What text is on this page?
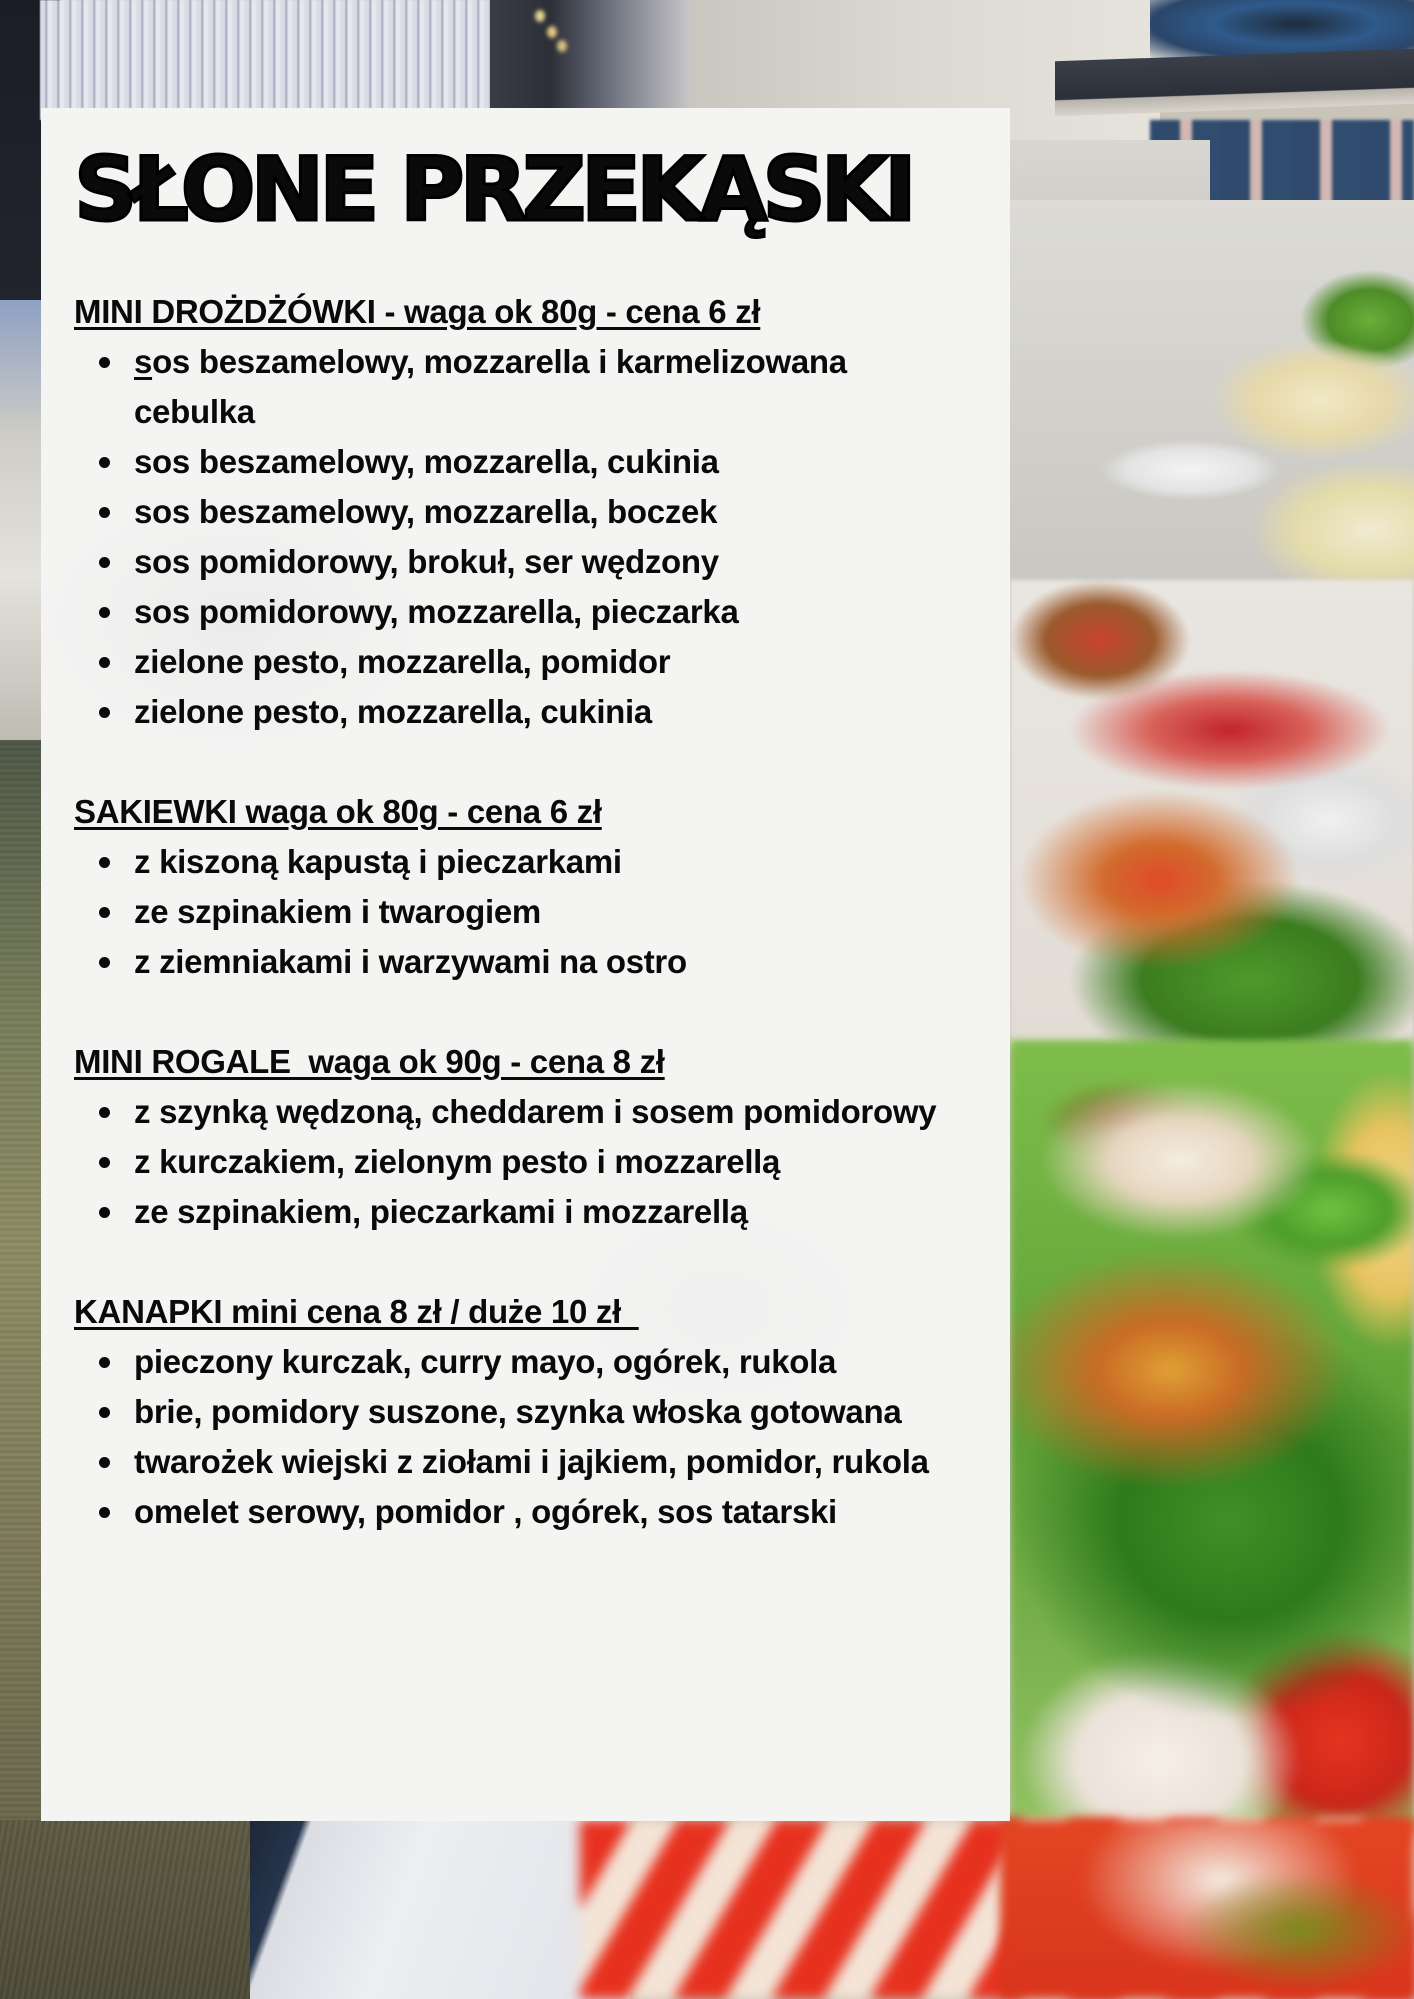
SŁONE PRZEKĄSKI
MINI DROŻDŻÓWKI - waga ok 80g - cena 6 zł
sos beszamelowy, mozzarella i karmelizowana cebulka
sos beszamelowy, mozzarella, cukinia
sos beszamelowy, mozzarella, boczek
sos pomidorowy, brokuł, ser wędzony
sos pomidorowy, mozzarella, pieczarka
zielone pesto, mozzarella, pomidor
zielone pesto, mozzarella, cukinia
SAKIEWKI waga ok 80g - cena 6 zł
z kiszoną kapustą i pieczarkami
ze szpinakiem i twarogiem
z ziemniakami i warzywami na ostro
MINI ROGALE  waga ok 90g - cena 8 zł
z szynką wędzoną, cheddarem i sosem pomidorowy
z kurczakiem, zielonym pesto i mozzarellą
ze szpinakiem, pieczarkami i mozzarellą
KANAPKI mini cena 8 zł / duże 10 zł
pieczony kurczak, curry mayo, ogórek, rukola
brie, pomidory suszone, szynka włoska gotowana
twarożek wiejski z ziołami i jajkiem, pomidor, rukola
omelet serowy, pomidor , ogórek, sos tatarski
